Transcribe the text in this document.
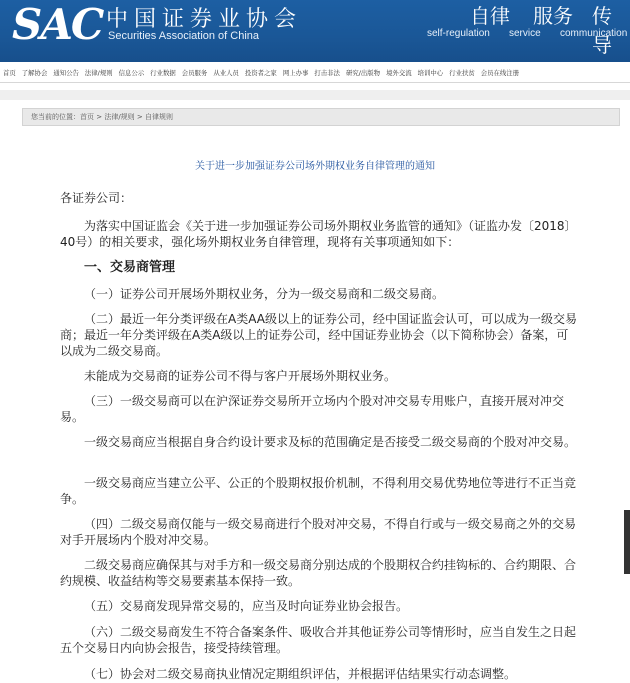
SAC 中国证券业协会
Securities Association of China
自律
self-regulation
服务
service
传导
communication
首页 了解协会 通知公告 法律/规则 信息公示 行业数据 会员服务 从业人员 投资者之家 网上办事 打击非法 研究/出版物 境外交流 培训中心 行业扶贫 会员在线注册
您当前的位置：首页 > 法律/规则 > 自律规则
关于进一步加强证券公司场外期权业务自律管理的通知
各证券公司：
为落实中国证监会《关于进一步加强证券公司场外期权业务监管的通知》（证监办发〔2018〕40号）的相关要求，强化场外期权业务自律管理，现将有关事项通知如下：
一、交易商管理
（一）证券公司开展场外期权业务，分为一级交易商和二级交易商。
（二）最近一年分类评级在A类AA级以上的证券公司，经中国证监会认可，可以成为一级交易商；最近一年分类评级在A类A级以上的证券公司，经中国证券业协会（以下简称协会）备案，可以成为二级交易商。
未能成为交易商的证券公司不得与客户开展场外期权业务。
（三）一级交易商可以在沪深证券交易所开立场内个股对冲交易专用账户，直接开展对冲交易。
一级交易商应当根据自身合约设计要求及标的范围确定是否接受二级交易商的个股对冲交易。
一级交易商应当建立公平、公正的个股期权报价机制，不得利用交易优势地位等进行不正当竞争。
（四）二级交易商仅能与一级交易商进行个股对冲交易，不得自行或与一级交易商之外的交易对手开展场内个股对冲交易。
二级交易商应确保其与对手方和一级交易商分别达成的个股期权合约挂钩标的、合约期限、合约规模、收益结构等交易要素基本保持一致。
（五）交易商发现异常交易的，应当及时向证券业协会报告。
（六）二级交易商发生不符合备案条件、吸收合并其他证券公司等情形时，应当自发生之日起五个交易日内向协会报告，接受持续管理。
（七）协会对二级交易商执业情况定期组织评估，并根据评估结果实行动态调整。
